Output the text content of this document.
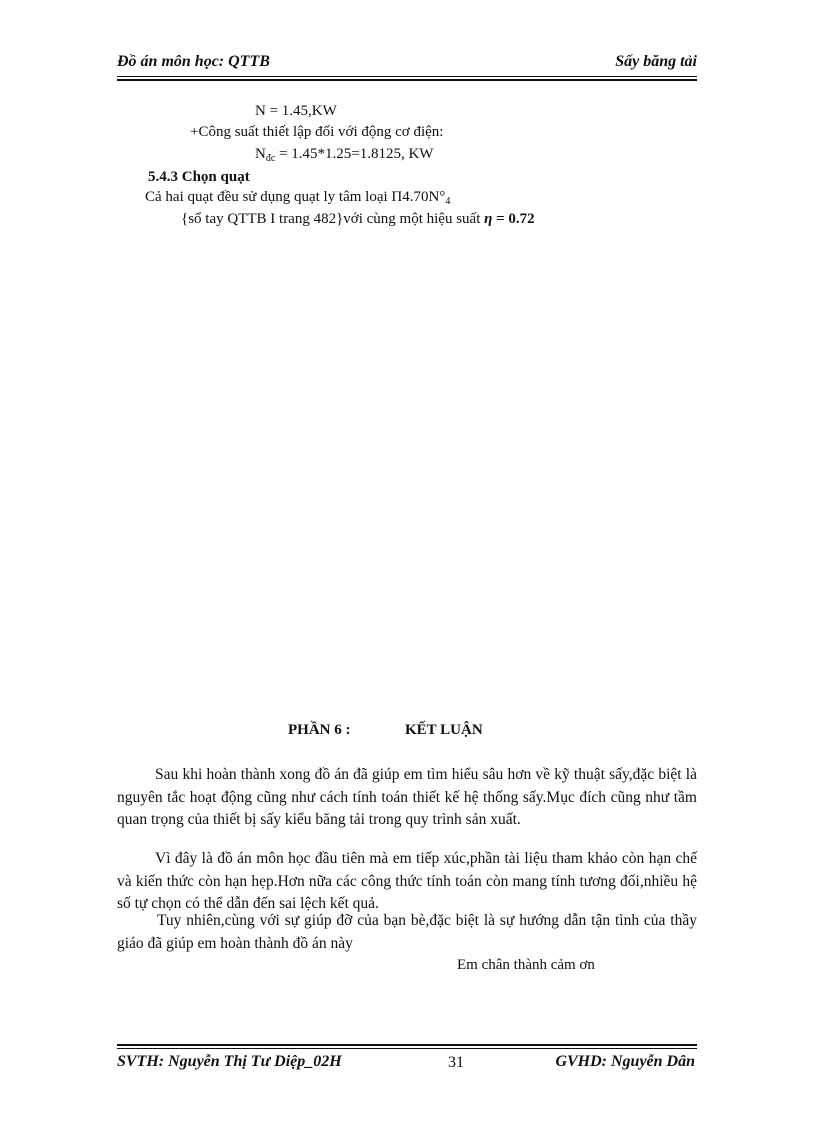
Đồ án môn học: QTTB	Sấy băng tải
N = 1.45,KW
+Công suất thiết lập đối với động cơ điện:
$N_{đc} = 1.45*1.25=1.8125$, KW
5.4.3 Chọn quạt
Cả hai quạt đều sử dụng quạt ly tâm loại $\Pi 4.70N^\circ_4$
{sổ tay QTTB I trang 482}với cùng một hiệu suất η = 0.72
PHẦN 6 :	KẾT LUẬN
Sau khi hoàn thành xong đồ án đã giúp em tìm hiểu sâu hơn về kỹ thuật sấy,đặc biệt là nguyên tắc hoạt động cũng như cách tính toán thiết kế hệ thống sấy.Mục đích cũng như tầm quan trọng của thiết bị sấy kiểu băng tải trong quy trình sản xuất.
Vì đây là đồ án môn học đầu tiên mà em tiếp xúc,phần tài liệu tham khảo còn hạn chế và kiến thức còn hạn hẹp.Hơn nữa các công thức tính toán còn mang tính tương đối,nhiều hệ số tự chọn có thể dẫn đến sai lệch kết quả.
Tuy nhiên,cùng với sự giúp đỡ của bạn bè,đặc biệt là sự hướng dẫn tận tình của thầy giáo đã giúp em hoàn thành đồ án này
Em chân thành cảm ơn
SVTH: Nguyễn Thị Tư Diệp_02H	31	GVHD: Nguyễn Dân
